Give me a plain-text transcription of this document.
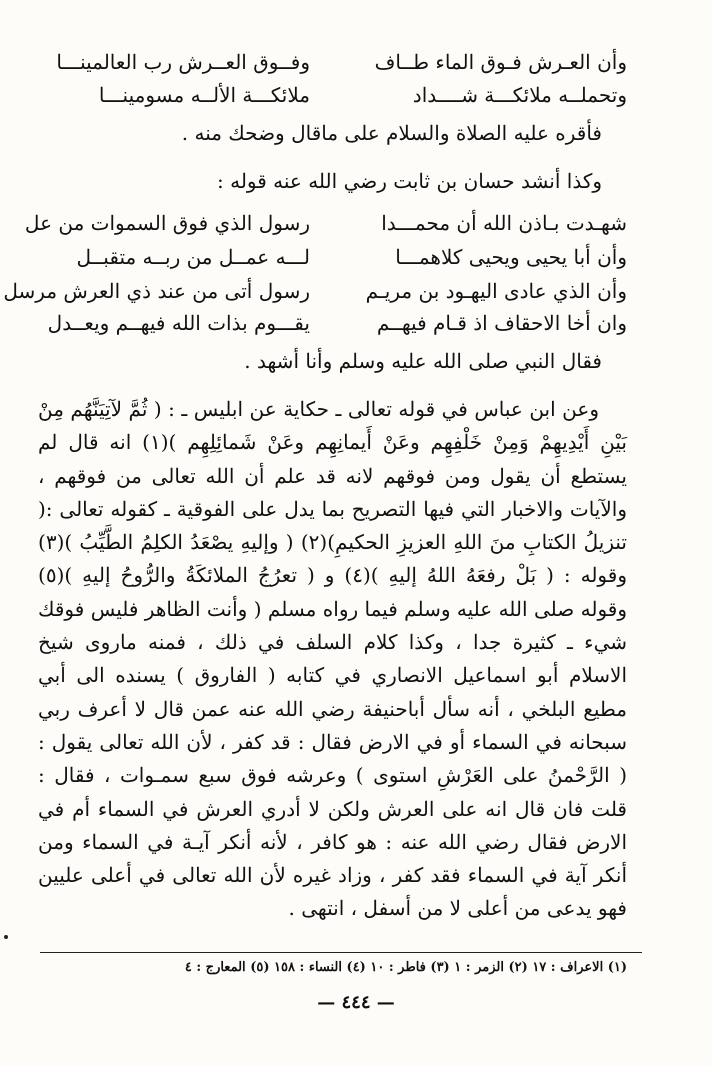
وأن العـرش فـوق الماء طــاف
وفــوق العــرش رب العالمينـــا
وتحملــه ملائكـــة شــــداد
ملائكـــة الألــه مسومينـــا
فأقره عليه الصلاة والسلام على ماقال وضحك منه .
وكذا أنشد حسان بن ثابت رضي الله عنه قوله :
شهـدت بـاذن الله أن محمـــدا
رسول الذي فوق السموات من عل
وأن أبا يحيى ويحيى كلاهمـــا
لـــه عمــل من ربــه متقبــل
وأن الذي عادى اليهـود بن مريـم
رسول أتى من عند ذي العرش مرسل
وان أخا الاحقاف اذ قـام فيهــم
يقـــوم بذات الله فيهــم ويعــدل
فقال النبي صلى الله عليه وسلم وأنا أشهد .

وعن ابن عباس في قوله تعالى ـ حكاية عن ابليس ـ : ( ثُمَّ لآتِيَنَّهُم مِنْ بَيْنِ أَيْدِيهِمْ وَمِنْ خَلْفِهِم وعَنْ أَيمانِهِم وعَنْ شَمائِلِهِم )(١) انه قال لم يستطع أن يقول ومن فوقهم لانه قد علم أن الله تعالى من فوقهم ، والآيات والاخبار التي فيها التصريح بما يدل على الفوقية ـ كقوله تعالى :( تنزيلُ الكتابِ منَ اللهِ العزيزِ الحكيمِ)(٢) ( وإليهِ يصْعَدُ الكلِمُ الطَّيِّبُ )(٣) وقوله : ( بَلْ رفعَهُ اللهُ إليهِ )(٤) و ( تعرُجُ الملائكَةُ والرُّوحُ إليهِ )(٥) وقوله صلى الله عليه وسلم فيما رواه مسلم ( وأنت الظاهر فليس فوقك شيء ـ كثيرة جدا ، وكذا كلام السلف في ذلك ، فمنه ماروى شيخ الاسلام أبو اسماعيل الانصاري في كتابه ( الفاروق ) يسنده الى أبي مطيع البلخي ، أنه سأل أباحنيفة رضي الله عنه عمن قال لا أعرف ربي سبحانه في السماء أو في الارض فقال : قد كفر ، لأن الله تعالى يقول : ( الرَّحْمنُ على العَرْشِ استوى ) وعرشه فوق سبع سمـوات ، فقال : قلت فان قال انه على العرش ولكن لا أدري العرش في السماء أم في الارض فقال رضي الله عنه : هو كافر ، لأنه أنكر آيـة في السماء ومن أنكر آية في السماء فقد كفر ، وزاد غيره لأن الله تعالى في أعلى عليين فهو يدعى من أعلى لا من أسفل ، انتهى .

(١) الاعراف : ١٧ (٢) الزمر : ١ (٣) فاطر : ١٠ (٤) النساء : ١٥٨ (٥) المعارج : ٤
— ٤٤٤ —
